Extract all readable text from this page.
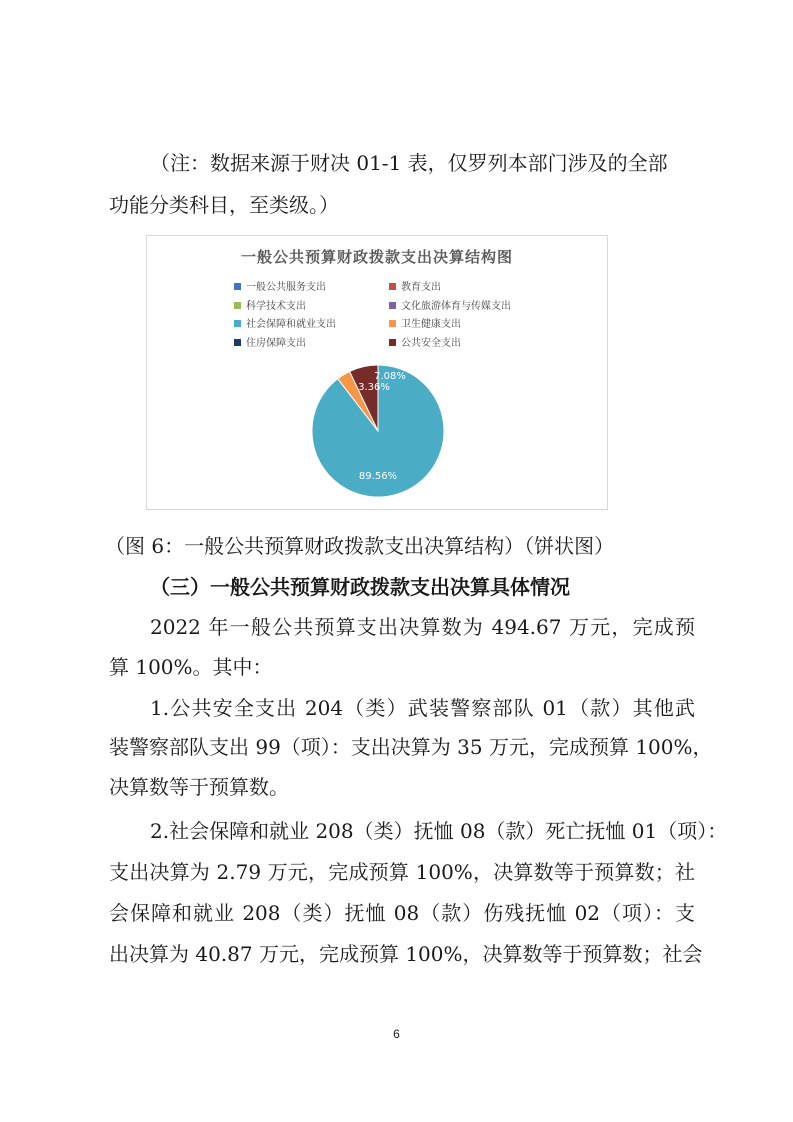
（注：数据来源于财决 01-1 表，仅罗列本部门涉及的全部
功能分类科目，至类级。）
一般公共预算财政拨款支出决算结构图
一般公共服务支出	教育支出
科学技术支出	文化旅游体育与传媒支出
社会保障和就业支出	卫生健康支出
住房保障支出	公共安全支出
89.56%
3.36%
7.08%
（图 6：一般公共预算财政拨款支出决算结构）（饼状图）
（三）一般公共预算财政拨款支出决算具体情况
2022 年一般公共预算支出决算数为 494.67 万元，完成预
算 100%。其中：
1.公共安全支出 204（类）武装警察部队 01（款）其他武
装警察部队支出 99（项）：支出决算为 35 万元，完成预算 100%，
决算数等于预算数。
2.社会保障和就业 208（类）抚恤 08（款）死亡抚恤 01（项）：
支出决算为 2.79 万元，完成预算 100%，决算数等于预算数；社
会保障和就业 208（类）抚恤 08（款）伤残抚恤 02（项）：支
出决算为 40.87 万元，完成预算 100%，决算数等于预算数；社会
6
